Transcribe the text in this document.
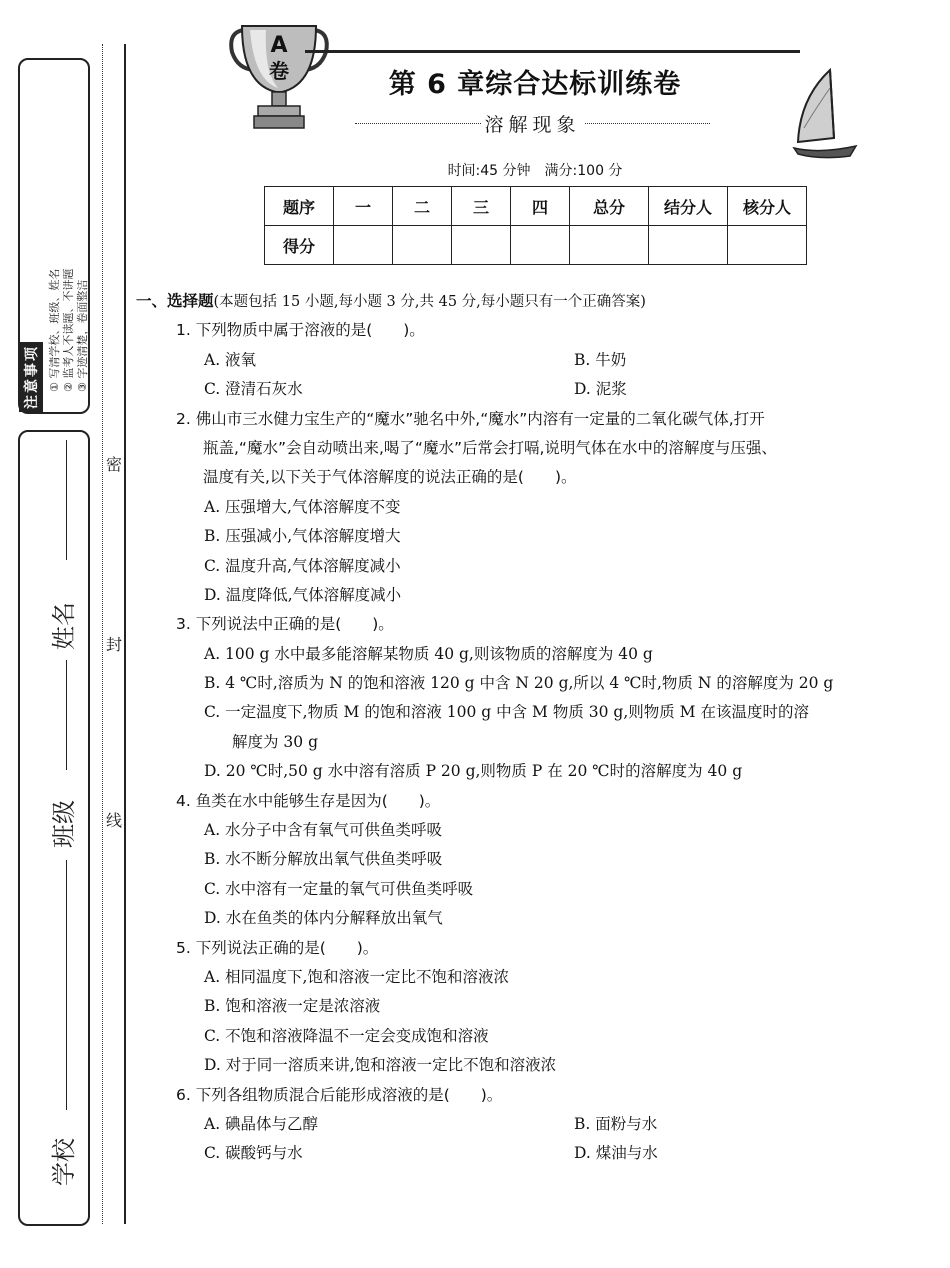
注意事项 ① 写清学校、班级、姓名 ② 监考人不读题、不讲题 ③ 字迹清楚，卷面整洁
姓名
班级
学校
密
封
线
A
卷	第 6 章综合达标训练卷
溶解现象
时间:45 分钟　满分:100 分
题序	一	二	三	四	总分	结分人	核分人
得分							
一、选择题(本题包括 15 小题,每小题 3 分,共 45 分,每小题只有一个正确答案)
1. 下列物质中属于溶液的是(　　)。
A. 液氧	B. 牛奶
C. 澄清石灰水	D. 泥浆
2. 佛山市三水健力宝生产的“魔水”驰名中外,“魔水”内溶有一定量的二氧化碳气体,打开
瓶盖,“魔水”会自动喷出来,喝了“魔水”后常会打嗝,说明气体在水中的溶解度与压强、
温度有关,以下关于气体溶解度的说法正确的是(　　)。
A. 压强增大,气体溶解度不变
B. 压强减小,气体溶解度增大
C. 温度升高,气体溶解度减小
D. 温度降低,气体溶解度减小
3. 下列说法中正确的是(　　)。
A. 100 g 水中最多能溶解某物质 40 g,则该物质的溶解度为 40 g
B. 4 ℃时,溶质为 N 的饱和溶液 120 g 中含 N 20 g,所以 4 ℃时,物质 N 的溶解度为 20 g
C. 一定温度下,物质 M 的饱和溶液 100 g 中含 M 物质 30 g,则物质 M 在该温度时的溶
解度为 30 g
D. 20 ℃时,50 g 水中溶有溶质 P 20 g,则物质 P 在 20 ℃时的溶解度为 40 g
4. 鱼类在水中能够生存是因为(　　)。
A. 水分子中含有氧气可供鱼类呼吸
B. 水不断分解放出氧气供鱼类呼吸
C. 水中溶有一定量的氧气可供鱼类呼吸
D. 水在鱼类的体内分解释放出氧气
5. 下列说法正确的是(　　)。
A. 相同温度下,饱和溶液一定比不饱和溶液浓
B. 饱和溶液一定是浓溶液
C. 不饱和溶液降温不一定会变成饱和溶液
D. 对于同一溶质来讲,饱和溶液一定比不饱和溶液浓
6. 下列各组物质混合后能形成溶液的是(　　)。
A. 碘晶体与乙醇	B. 面粉与水
C. 碳酸钙与水	D. 煤油与水
